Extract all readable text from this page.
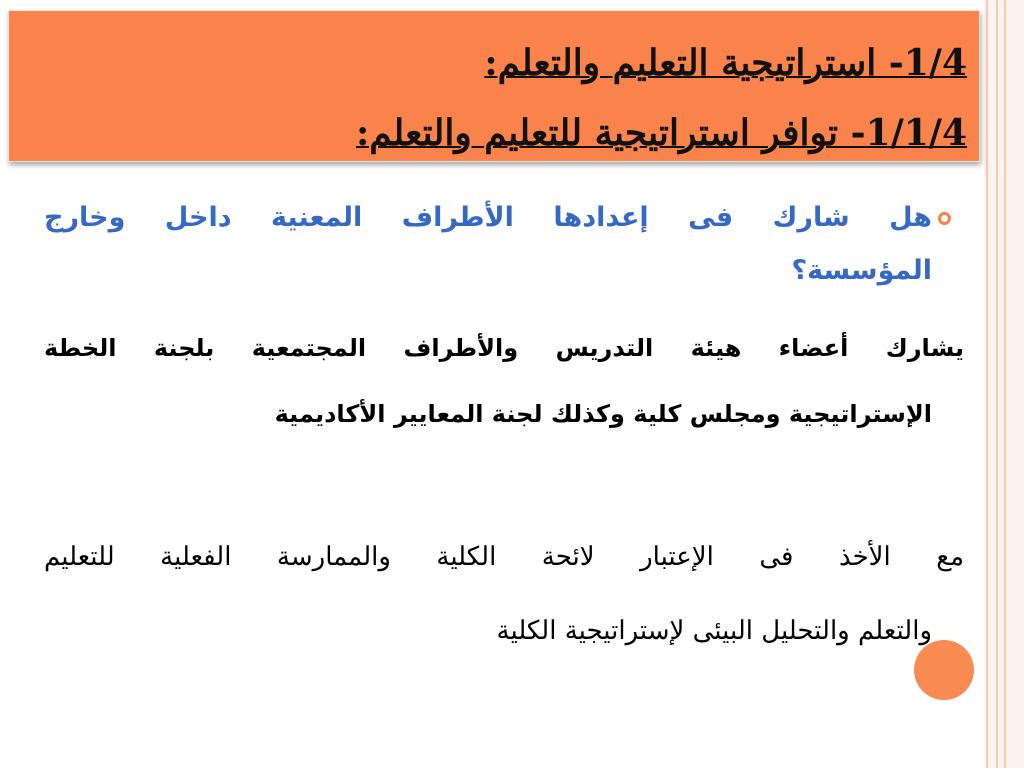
1/4- استراتيجية التعليم والتعلم:
1/1/4- توافر استراتيجية للتعليم والتعلم:
هل شارك فى إعدادها الأطراف المعنية داخل وخارج
المؤسسة؟
يشارك أعضاء هيئة التدريس والأطراف المجتمعية بلجنة الخطة
الإستراتيجية ومجلس كلية وكذلك لجنة المعايير الأكاديمية
مع الأخذ فى الإعتبار لائحة الكلية والممارسة الفعلية للتعليم
والتعلم والتحليل البيئى لإستراتيجية الكلية
